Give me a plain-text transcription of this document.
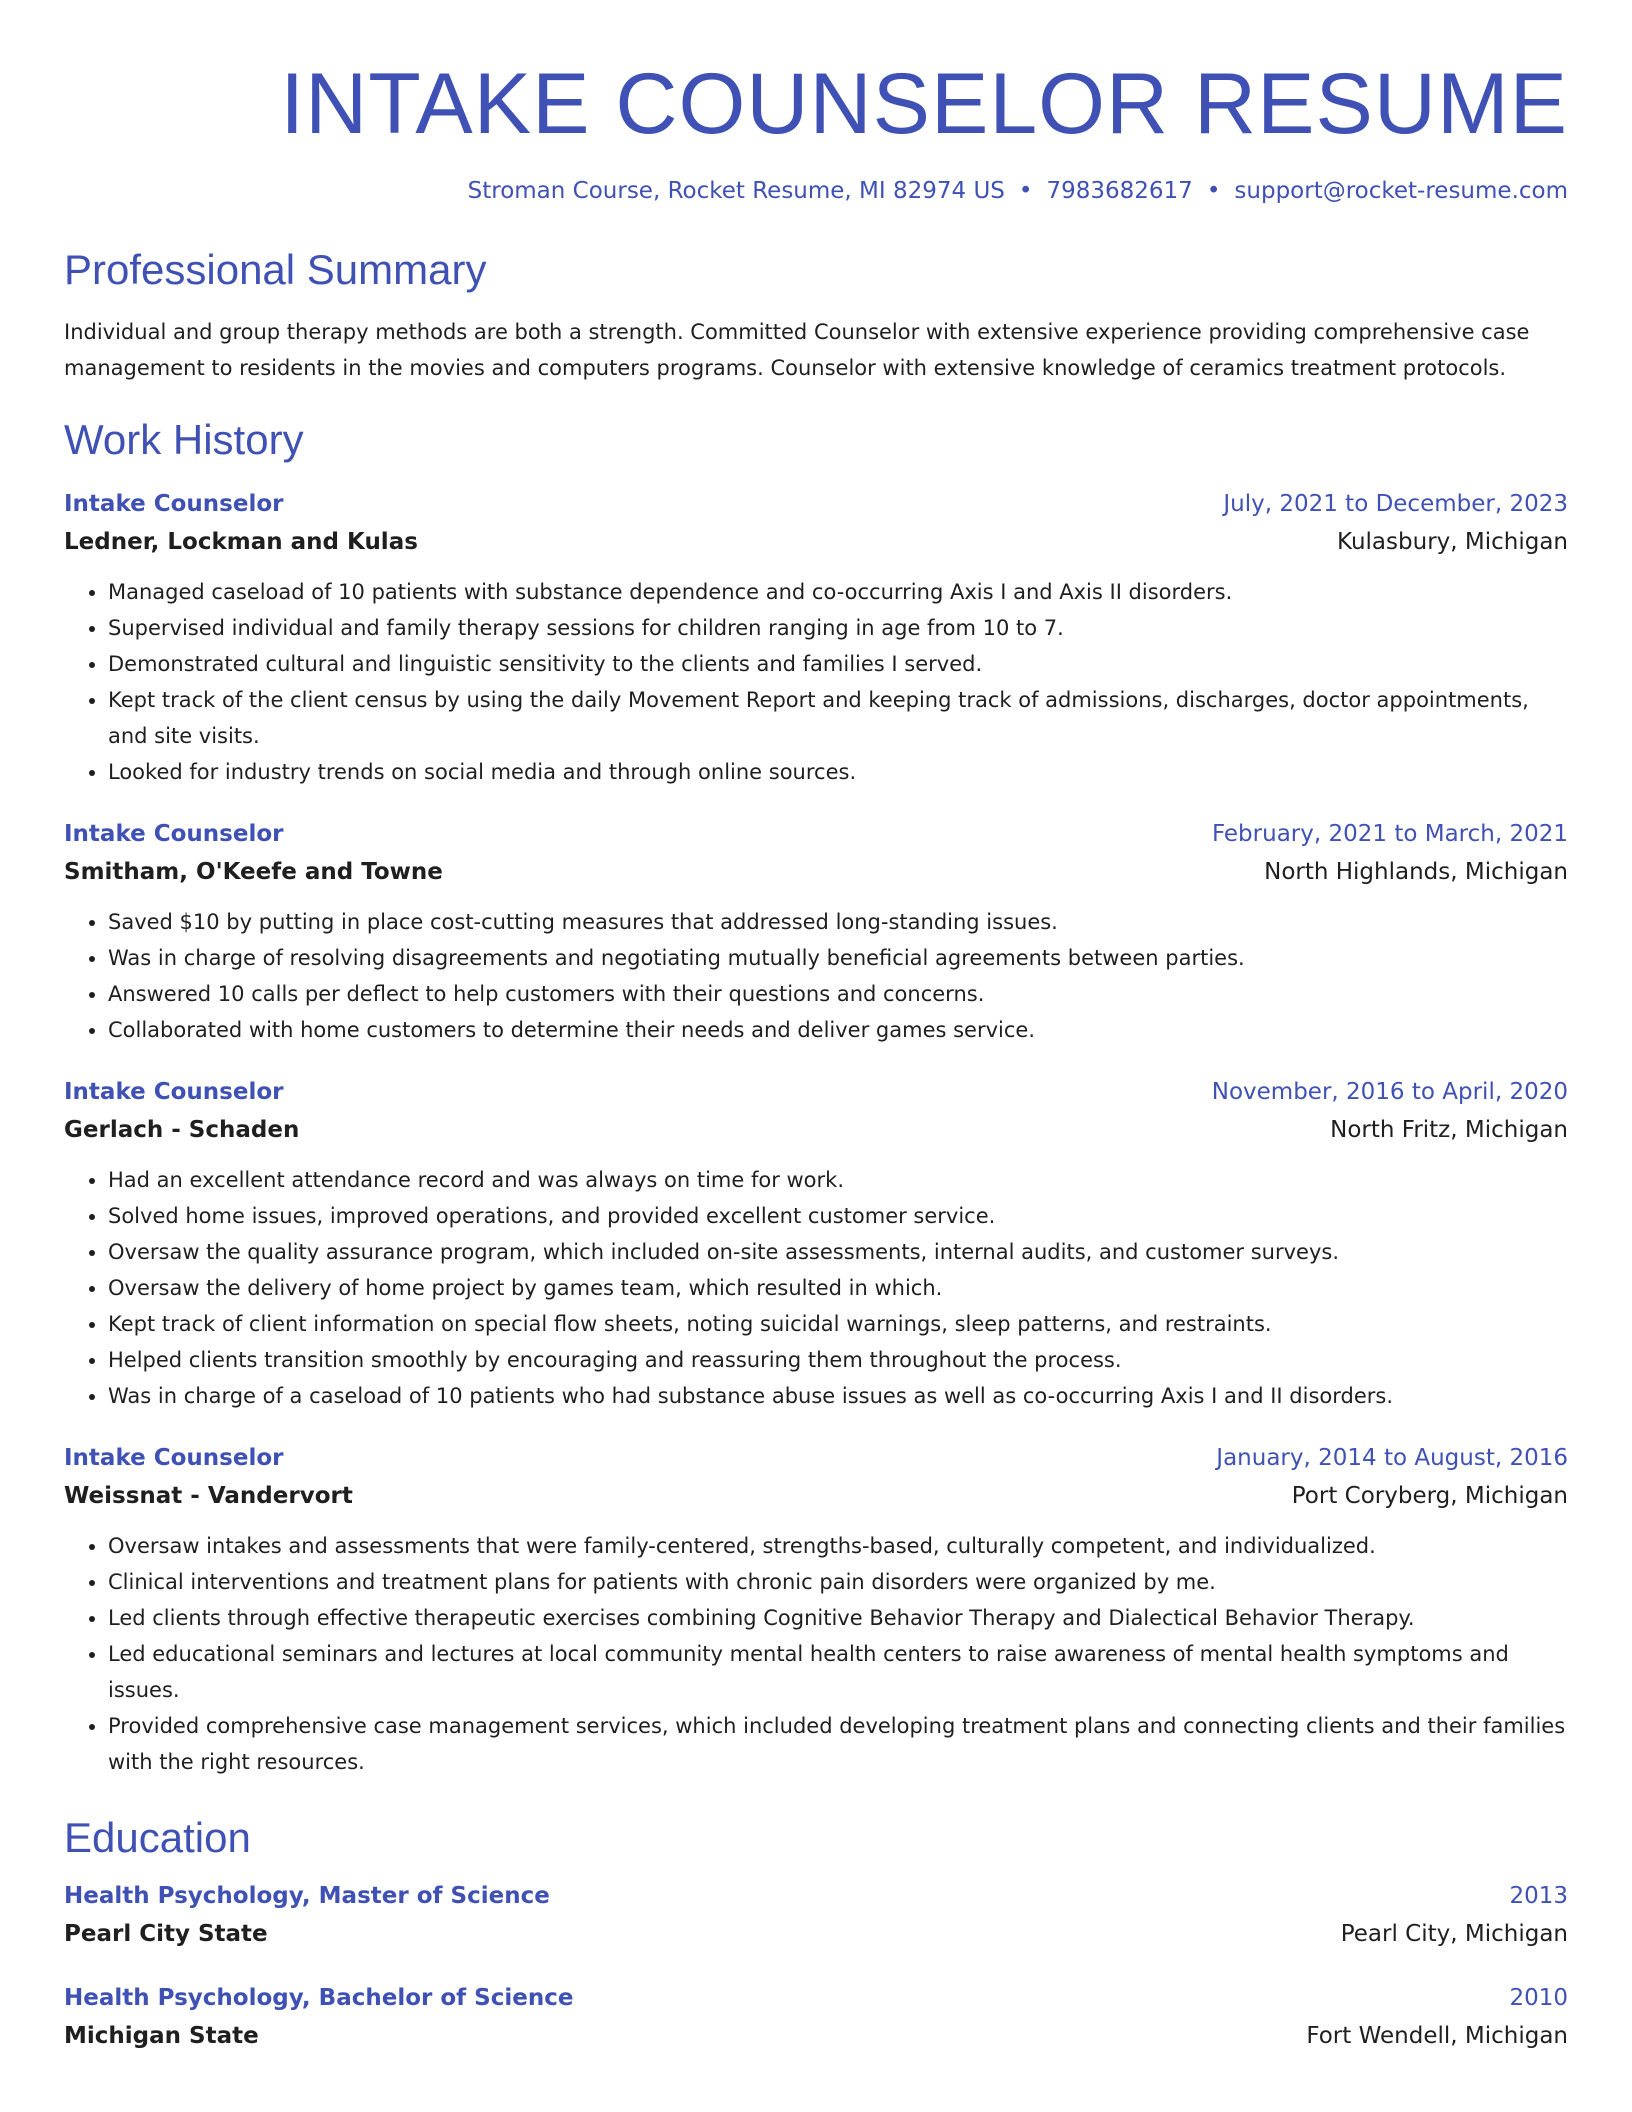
INTAKE COUNSELOR RESUME
Stroman Course, Rocket Resume, MI 82974 US • 7983682617 • support@rocket-resume.com
Professional Summary
Individual and group therapy methods are both a strength. Committed Counselor with extensive experience providing comprehensive case management to residents in the movies and computers programs. Counselor with extensive knowledge of ceramics treatment protocols.
Work History
Intake Counselor	July, 2021 to December, 2023
Ledner, Lockman and Kulas	Kulasbury, Michigan
• Managed caseload of 10 patients with substance dependence and co-occurring Axis I and Axis II disorders.
• Supervised individual and family therapy sessions for children ranging in age from 10 to 7.
• Demonstrated cultural and linguistic sensitivity to the clients and families I served.
• Kept track of the client census by using the daily Movement Report and keeping track of admissions, discharges, doctor appointments, and site visits.
• Looked for industry trends on social media and through online sources.
Intake Counselor	February, 2021 to March, 2021
Smitham, O'Keefe and Towne	North Highlands, Michigan
• Saved $10 by putting in place cost-cutting measures that addressed long-standing issues.
• Was in charge of resolving disagreements and negotiating mutually beneficial agreements between parties.
• Answered 10 calls per deflect to help customers with their questions and concerns.
• Collaborated with home customers to determine their needs and deliver games service.
Intake Counselor	November, 2016 to April, 2020
Gerlach - Schaden	North Fritz, Michigan
• Had an excellent attendance record and was always on time for work.
• Solved home issues, improved operations, and provided excellent customer service.
• Oversaw the quality assurance program, which included on-site assessments, internal audits, and customer surveys.
• Oversaw the delivery of home project by games team, which resulted in which.
• Kept track of client information on special flow sheets, noting suicidal warnings, sleep patterns, and restraints.
• Helped clients transition smoothly by encouraging and reassuring them throughout the process.
• Was in charge of a caseload of 10 patients who had substance abuse issues as well as co-occurring Axis I and II disorders.
Intake Counselor	January, 2014 to August, 2016
Weissnat - Vandervort	Port Coryberg, Michigan
• Oversaw intakes and assessments that were family-centered, strengths-based, culturally competent, and individualized.
• Clinical interventions and treatment plans for patients with chronic pain disorders were organized by me.
• Led clients through effective therapeutic exercises combining Cognitive Behavior Therapy and Dialectical Behavior Therapy.
• Led educational seminars and lectures at local community mental health centers to raise awareness of mental health symptoms and issues.
• Provided comprehensive case management services, which included developing treatment plans and connecting clients and their families with the right resources.
Education
Health Psychology, Master of Science	2013
Pearl City State	Pearl City, Michigan
Health Psychology, Bachelor of Science	2010
Michigan State	Fort Wendell, Michigan
